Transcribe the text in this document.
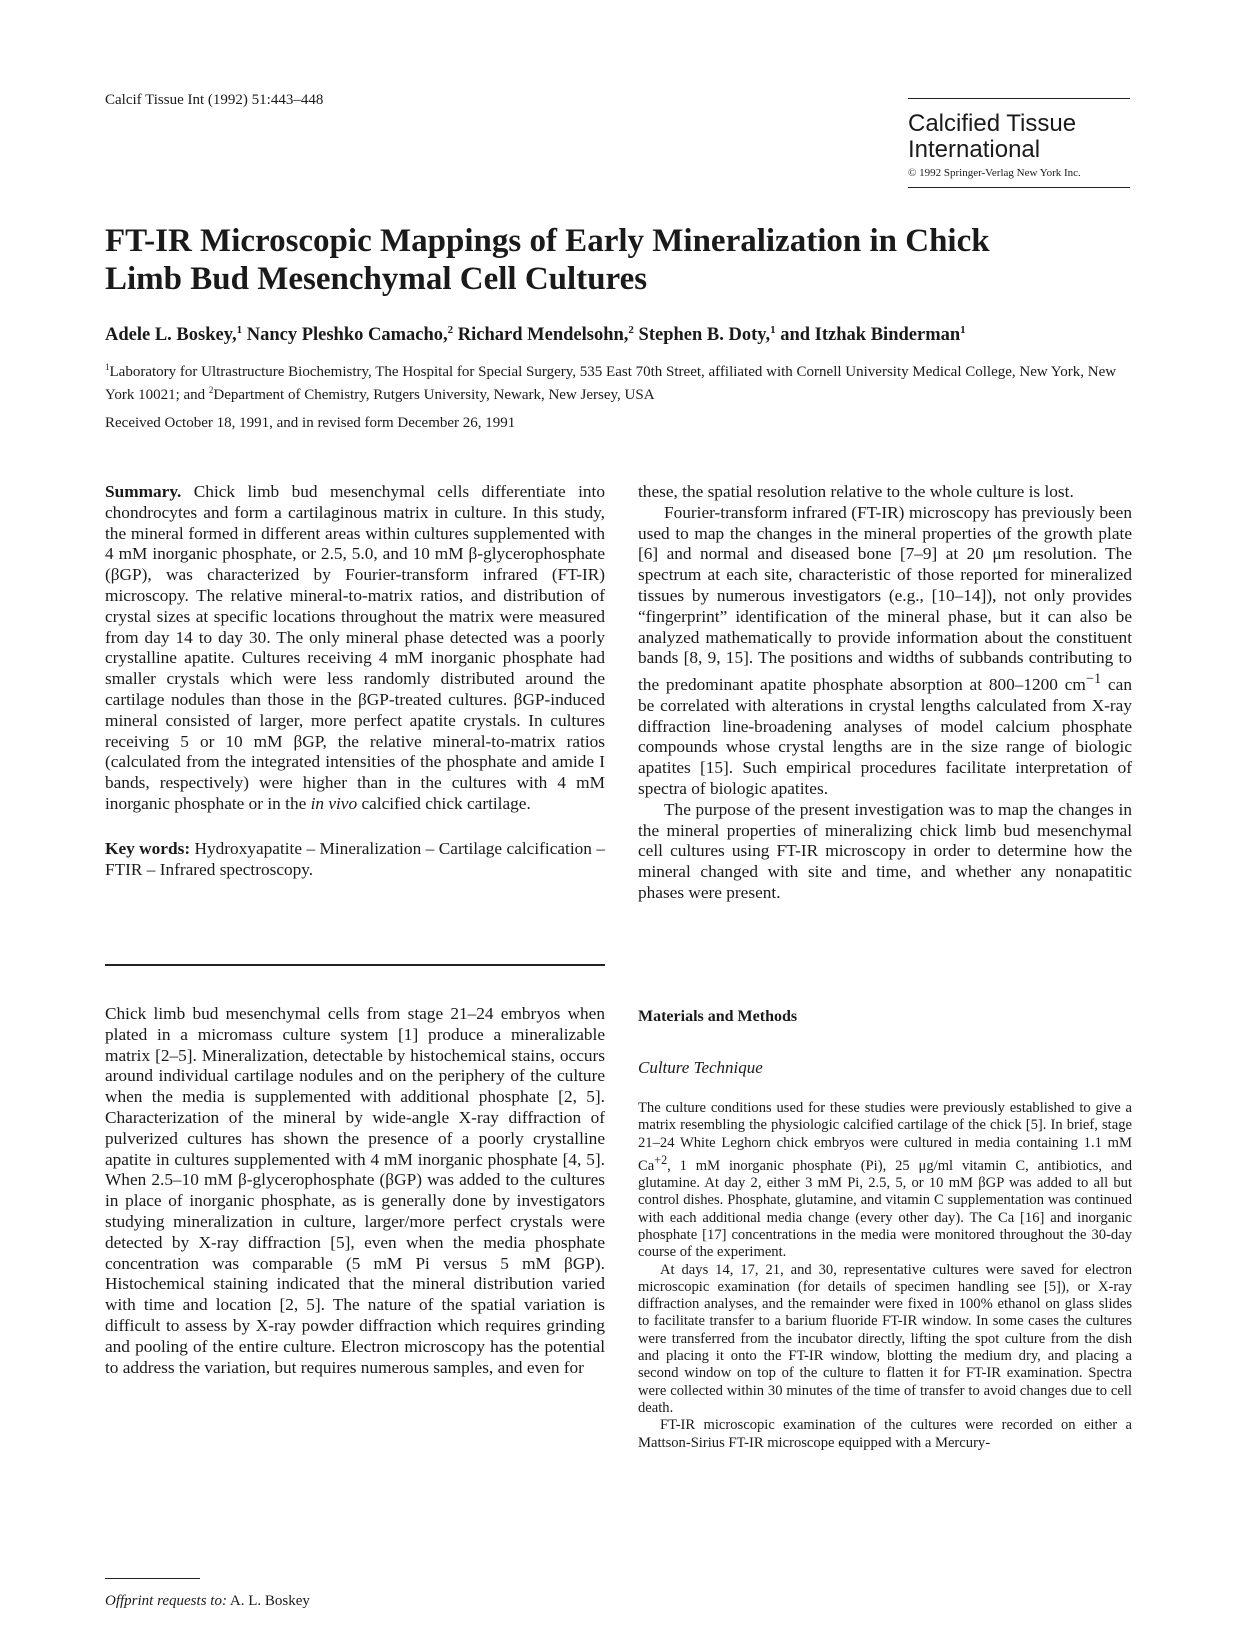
Calcif Tissue Int (1992) 51:443–448
Calcified Tissue
International
© 1992 Springer-Verlag New York Inc.
FT-IR Microscopic Mappings of Early Mineralization in Chick
Limb Bud Mesenchymal Cell Cultures
Adele L. Boskey,$^1$ Nancy Pleshko Camacho,$^2$ Richard Mendelsohn,$^2$ Stephen B. Doty,$^1$ and Itzhak Binderman$^1$
$^1$Laboratory for Ultrastructure Biochemistry, The Hospital for Special Surgery, 535 East 70th Street, affiliated with Cornell University Medical College, New York, New York 10021; and $^2$Department of Chemistry, Rutgers University, Newark, New Jersey, USA
Received October 18, 1991, and in revised form December 26, 1991

Summary. Chick limb bud mesenchymal cells differentiate into chondrocytes and form a cartilaginous matrix in culture. In this study, the mineral formed in different areas within cultures supplemented with 4 mM inorganic phosphate, or 2.5, 5.0, and 10 mM β-glycerophosphate (βGP), was characterized by Fourier-transform infrared (FT-IR) microscopy. The relative mineral-to-matrix ratios, and distribution of crystal sizes at specific locations throughout the matrix were measured from day 14 to day 30. The only mineral phase detected was a poorly crystalline apatite. Cultures receiving 4 mM inorganic phosphate had smaller crystals which were less randomly distributed around the cartilage nodules than those in the βGP-treated cultures. βGP-induced mineral consisted of larger, more perfect apatite crystals. In cultures receiving 5 or 10 mM βGP, the relative mineral-to-matrix ratios (calculated from the integrated intensities of the phosphate and amide I bands, respectively) were higher than in the cultures with 4 mM inorganic phosphate or in the in vivo calcified chick cartilage.

Key words: Hydroxyapatite – Mineralization – Cartilage calcification – FTIR – Infrared spectroscopy.

Chick limb bud mesenchymal cells from stage 21–24 embryos when plated in a micromass culture system [1] produce a mineralizable matrix [2–5]. Mineralization, detectable by histochemical stains, occurs around individual cartilage nodules and on the periphery of the culture when the media is supplemented with additional phosphate [2, 5]. Characterization of the mineral by wide-angle X-ray diffraction of pulverized cultures has shown the presence of a poorly crystalline apatite in cultures supplemented with 4 mM inorganic phosphate [4, 5]. When 2.5–10 mM β-glycerophosphate (βGP) was added to the cultures in place of inorganic phosphate, as is generally done by investigators studying mineralization in culture, larger/more perfect crystals were detected by X-ray diffraction [5], even when the media phosphate concentration was comparable (5 mM Pi versus 5 mM βGP). Histochemical staining indicated that the mineral distribution varied with time and location [2, 5]. The nature of the spatial variation is difficult to assess by X-ray powder diffraction which requires grinding and pooling of the entire culture. Electron microscopy has the potential to address the variation, but requires numerous samples, and even for

these, the spatial resolution relative to the whole culture is lost.

Fourier-transform infrared (FT-IR) microscopy has previously been used to map the changes in the mineral properties of the growth plate [6] and normal and diseased bone [7–9] at 20 μm resolution. The spectrum at each site, characteristic of those reported for mineralized tissues by numerous investigators (e.g., [10–14]), not only provides “fingerprint” identification of the mineral phase, but it can also be analyzed mathematically to provide information about the constituent bands [8, 9, 15]. The positions and widths of subbands contributing to the predominant apatite phosphate absorption at 800–1200 $cm^{-1}$ can be correlated with alterations in crystal lengths calculated from X-ray diffraction line-broadening analyses of model calcium phosphate compounds whose crystal lengths are in the size range of biologic apatites [15]. Such empirical procedures facilitate interpretation of spectra of biologic apatites.

The purpose of the present investigation was to map the changes in the mineral properties of mineralizing chick limb bud mesenchymal cell cultures using FT-IR microscopy in order to determine how the mineral changed with site and time, and whether any nonapatitic phases were present.

Materials and Methods
Culture Technique

The culture conditions used for these studies were previously established to give a matrix resembling the physiologic calcified cartilage of the chick [5]. In brief, stage 21–24 White Leghorn chick embryos were cultured in media containing 1.1 mM $Ca^{+2}$, 1 mM inorganic phosphate (Pi), 25 μg/ml vitamin C, antibiotics, and glutamine. At day 2, either 3 mM Pi, 2.5, 5, or 10 mM βGP was added to all but control dishes. Phosphate, glutamine, and vitamin C supplementation was continued with each additional media change (every other day). The Ca [16] and inorganic phosphate [17] concentrations in the media were monitored throughout the 30-day course of the experiment.

At days 14, 17, 21, and 30, representative cultures were saved for electron microscopic examination (for details of specimen handling see [5]), or X-ray diffraction analyses, and the remainder were fixed in 100% ethanol on glass slides to facilitate transfer to a barium fluoride FT-IR window. In some cases the cultures were transferred from the incubator directly, lifting the spot culture from the dish and placing it onto the FT-IR window, blotting the medium dry, and placing a second window on top of the culture to flatten it for FT-IR examination. Spectra were collected within 30 minutes of the time of transfer to avoid changes due to cell death.

FT-IR microscopic examination of the cultures were recorded on either a Mattson-Sirius FT-IR microscope equipped with a Mercury-

Offprint requests to: A. L. Boskey
